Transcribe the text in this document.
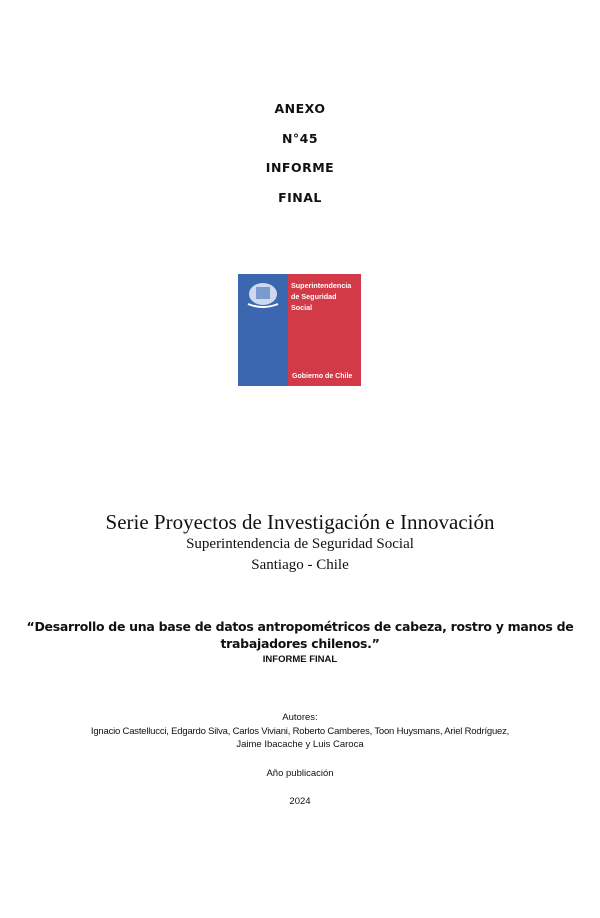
ANEXO
N°45
INFORME
FINAL
Superintendencia
de Seguridad
Social
Gobierno de Chile
Serie Proyectos de Investigación e Innovación
Superintendencia de Seguridad Social
Santiago - Chile
“Desarrollo de una base de datos antropométricos de cabeza, rostro y manos de
trabajadores chilenos.”
INFORME FINAL
Autores:
Ignacio Castellucci, Edgardo Silva, Carlos Viviani, Roberto Camberes, Toon Huysmans, Ariel Rodríguez,
Jaime Ibacache y Luis Caroca
Año publicación
2024
